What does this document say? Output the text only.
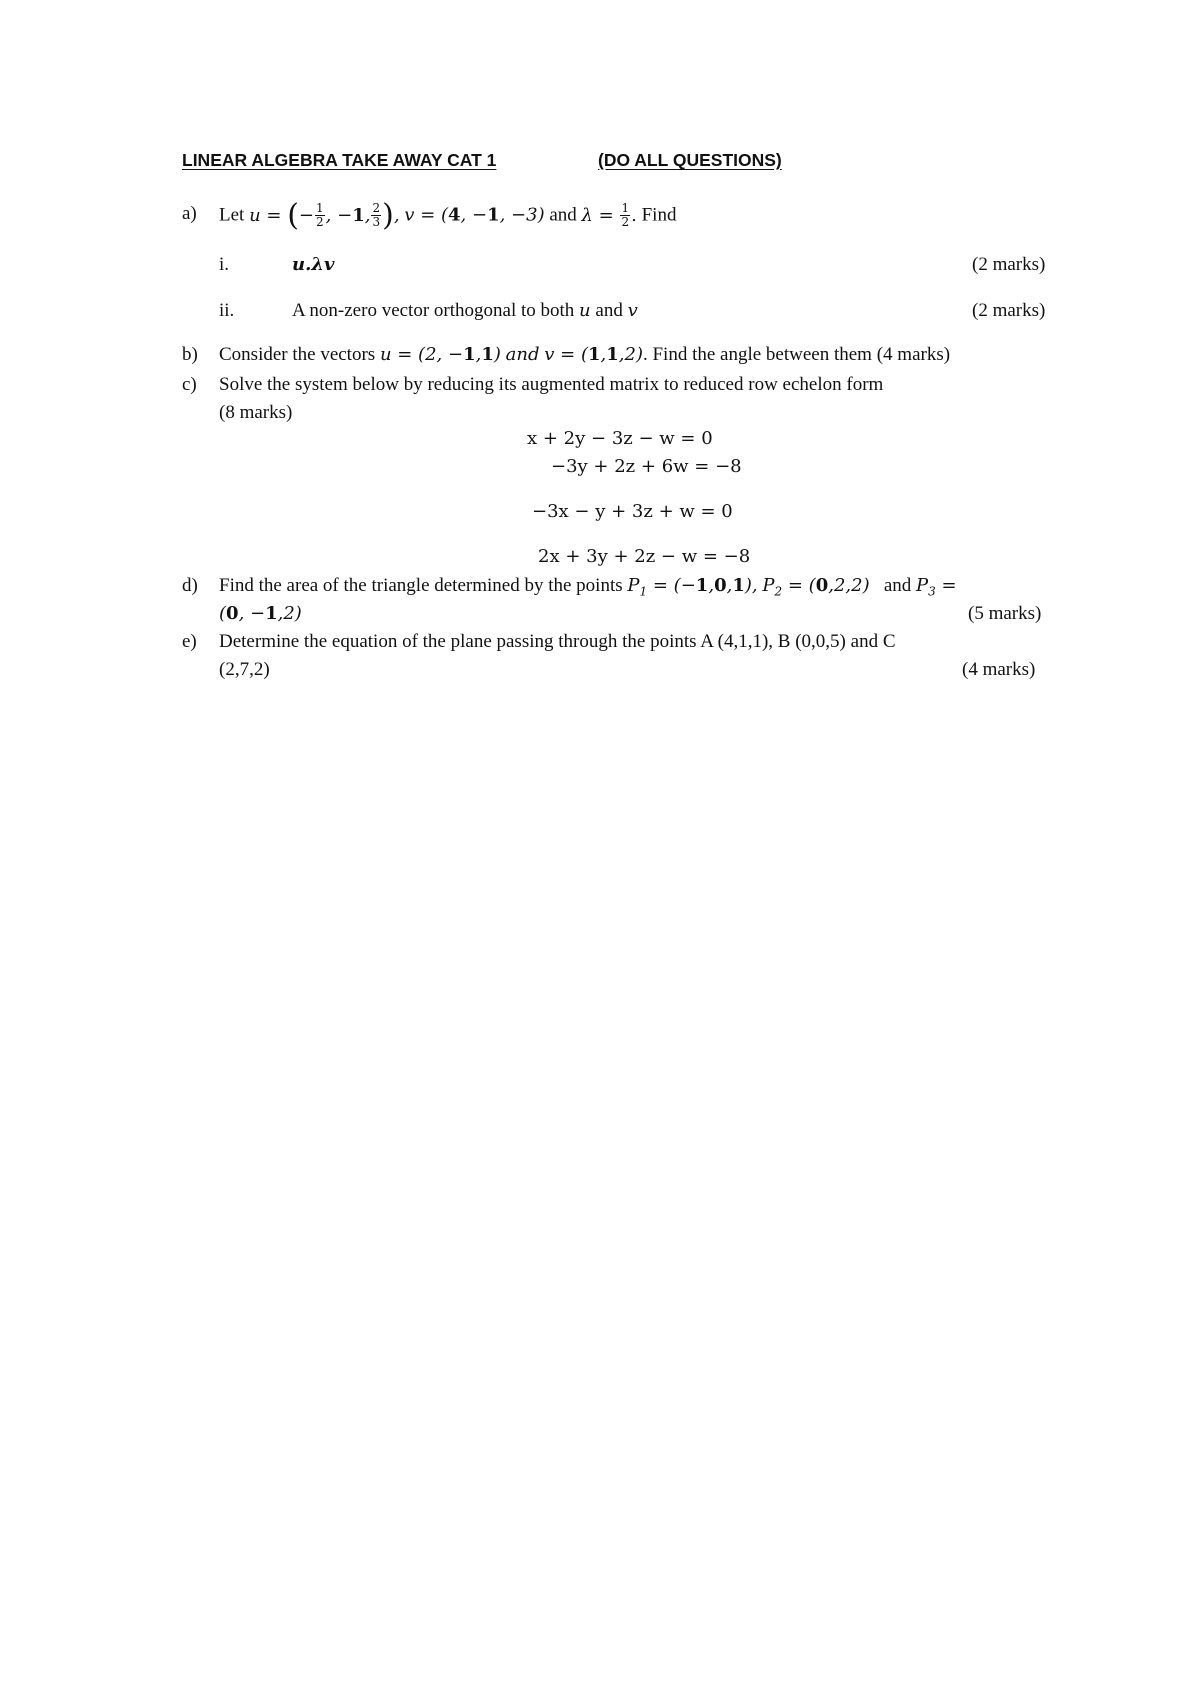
LINEAR ALGEBRA TAKE AWAY CAT 1	(DO ALL QUESTIONS)
a) Let u = (− $\frac{1}{2}$ , −1, $\frac{2}{3}$ ), v = (4, −1, −3) and $\lambda = \frac{1}{2}$ . Find
i.	u.λv	(2 marks)
ii.	A non-zero vector orthogonal to both u and v	(2 marks)
b) Consider the vectors u = (2, −1,1) and v = (1,1,2). Find the angle between them (4 marks)
c) Solve the system below by reducing its augmented matrix to reduced row echelon form
(8 marks)
x + 2y − 3z − w = 0
−3y + 2z + 6w = −8
−3x − y + 3z + w = 0
2x + 3y + 2z − w = −8
d) Find the area of the triangle determined by the points $P_1 = (-1,0,1)$, $P_2 = (0,2,2)$ and $P_3$ =
(0, −1,2)	(5 marks)
e) Determine the equation of the plane passing through the points A (4,1,1), B (0,0,5) and C
(2,7,2)	(4 marks)
